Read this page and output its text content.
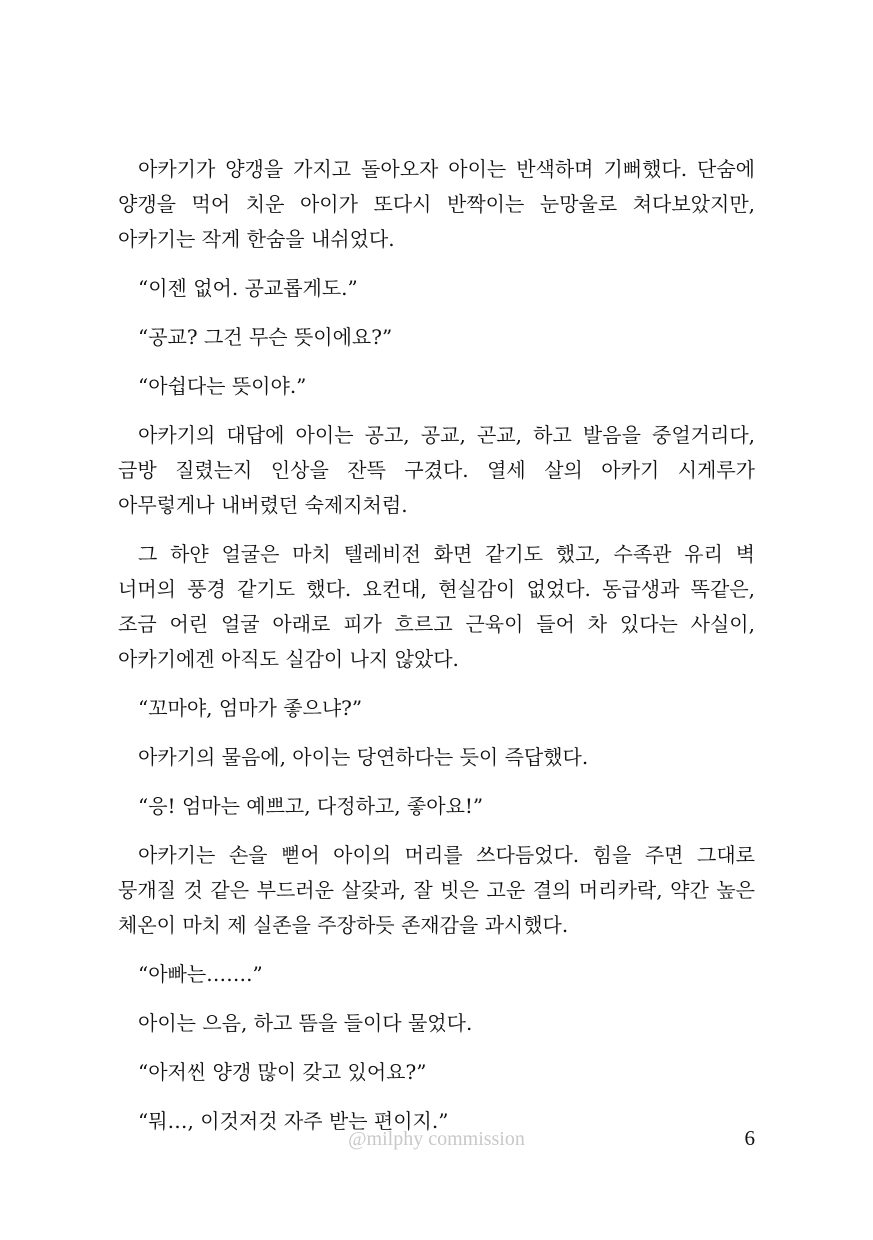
아카기가 양갱을 가지고 돌아오자 아이는 반색하며 기뻐했다. 단숨에 양갱을 먹어 치운 아이가 또다시 반짝이는 눈망울로 쳐다보았지만, 아카기는 작게 한숨을 내쉬었다.

“이젠 없어. 공교롭게도.”

“공교? 그건 무슨 뜻이에요?”

“아쉽다는 뜻이야.”

아카기의 대답에 아이는 공고, 공교, 곤교, 하고 발음을 중얼거리다, 금방 질렸는지 인상을 잔뜩 구겼다. 열세 살의 아카기 시게루가 아무렇게나 내버렸던 숙제지처럼.

그 하얀 얼굴은 마치 텔레비전 화면 같기도 했고, 수족관 유리 벽 너머의 풍경 같기도 했다. 요컨대, 현실감이 없었다. 동급생과 똑같은, 조금 어린 얼굴 아래로 피가 흐르고 근육이 들어 차 있다는 사실이, 아카기에겐 아직도 실감이 나지 않았다.

“꼬마야, 엄마가 좋으냐?”

아카기의 물음에, 아이는 당연하다는 듯이 즉답했다.

“응! 엄마는 예쁘고, 다정하고, 좋아요!”

아카기는 손을 뻗어 아이의 머리를 쓰다듬었다. 힘을 주면 그대로 뭉개질 것 같은 부드러운 살갗과, 잘 빗은 고운 결의 머리카락, 약간 높은 체온이 마치 제 실존을 주장하듯 존재감을 과시했다.

“아빠는…….”

아이는 으음, 하고 뜸을 들이다 물었다.

“아저씬 양갱 많이 갖고 있어요?”

“뭐…, 이것저것 자주 받는 편이지.”

@milphy commission	6
